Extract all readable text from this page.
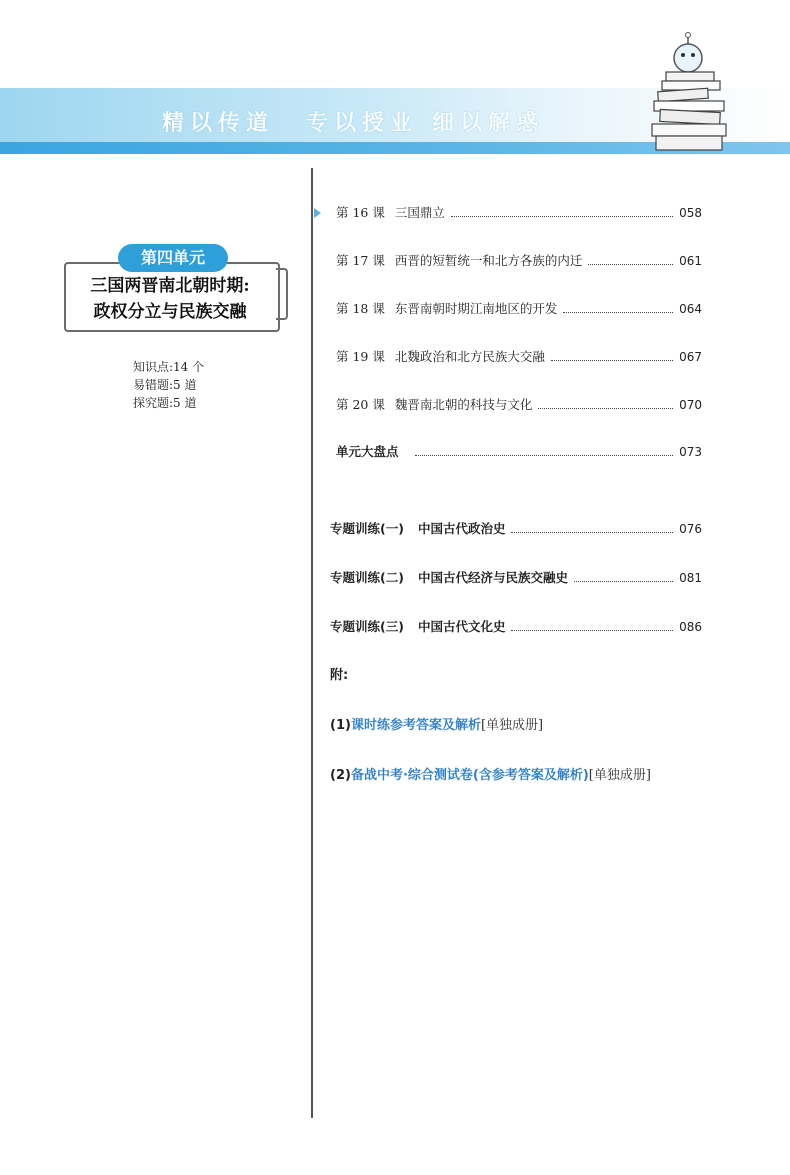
精以传道 专以授业 细以解惑
第四单元
三国两晋南北朝时期:
政权分立与民族交融
知识点:14 个
易错题:5 道
探究题:5 道
第 16 课 三国鼎立	058
第 17 课 西晋的短暂统一和北方各族的内迁	061
第 18 课 东晋南朝时期江南地区的开发	064
第 19 课 北魏政治和北方民族大交融	067
第 20 课 魏晋南北朝的科技与文化	070
单元大盘点	073
专题训练(一) 中国古代政治史	076
专题训练(二) 中国古代经济与民族交融史	081
专题训练(三) 中国古代文化史	086
附:
(1)课时练参考答案及解析[单独成册]
(2)备战中考·综合测试卷(含参考答案及解析)[单独成册]
